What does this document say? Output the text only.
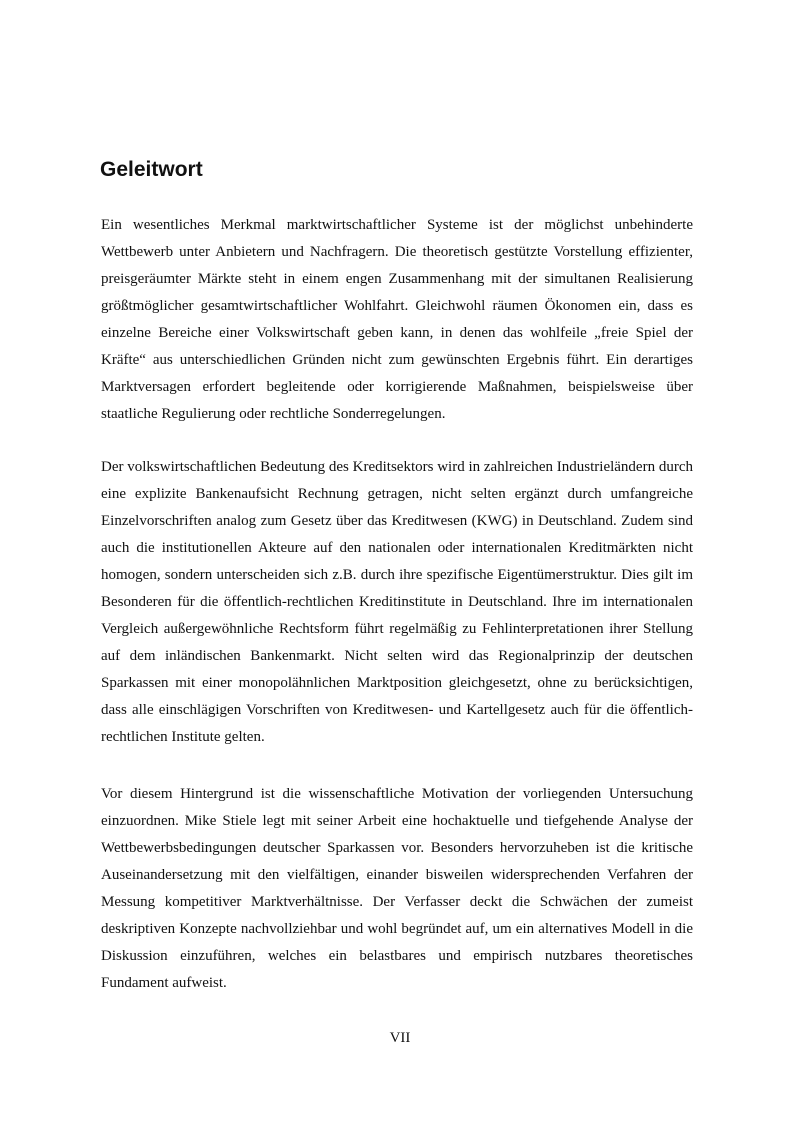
Geleitwort

Ein wesentliches Merkmal marktwirtschaftlicher Systeme ist der möglichst unbehinderte Wettbewerb unter Anbietern und Nachfragern. Die theoretisch gestützte Vorstellung effizienter, preisgeräumter Märkte steht in einem engen Zusammenhang mit der simultanen Realisierung größtmöglicher gesamtwirtschaftlicher Wohlfahrt. Gleichwohl räumen Ökonomen ein, dass es einzelne Bereiche einer Volkswirtschaft geben kann, in denen das wohlfeile „freie Spiel der Kräfte“ aus unterschiedlichen Gründen nicht zum gewünschten Ergebnis führt. Ein derartiges Marktversagen erfordert begleitende oder korrigierende Maßnahmen, beispielsweise über staatliche Regulierung oder rechtliche Sonderregelungen.

Der volkswirtschaftlichen Bedeutung des Kreditsektors wird in zahlreichen Industrieländern durch eine explizite Bankenaufsicht Rechnung getragen, nicht selten ergänzt durch umfangreiche Einzelvorschriften analog zum Gesetz über das Kreditwesen (KWG) in Deutschland. Zudem sind auch die institutionellen Akteure auf den nationalen oder internationalen Kreditmärkten nicht homogen, sondern unterscheiden sich z.B. durch ihre spezifische Eigentümerstruktur. Dies gilt im Besonderen für die öffentlich-rechtlichen Kreditinstitute in Deutschland. Ihre im internationalen Vergleich außergewöhnliche Rechtsform führt regelmäßig zu Fehlinterpretationen ihrer Stellung auf dem inländischen Bankenmarkt. Nicht selten wird das Regionalprinzip der deutschen Sparkassen mit einer monopolähnlichen Marktposition gleichgesetzt, ohne zu berücksichtigen, dass alle einschlägigen Vorschriften von Kreditwesen- und Kartellgesetz auch für die öffentlich-rechtlichen Institute gelten.

Vor diesem Hintergrund ist die wissenschaftliche Motivation der vorliegenden Untersuchung einzuordnen. Mike Stiele legt mit seiner Arbeit eine hochaktuelle und tiefgehende Analyse der Wettbewerbsbedingungen deutscher Sparkassen vor. Besonders hervorzuheben ist die kritische Auseinandersetzung mit den vielfältigen, einander bisweilen widersprechenden Verfahren der Messung kompetitiver Marktverhältnisse. Der Verfasser deckt die Schwächen der zumeist deskriptiven Konzepte nachvollziehbar und wohl begründet auf, um ein alternatives Modell in die Diskussion einzuführen, welches ein belastbares und empirisch nutzbares theoretisches Fundament aufweist.

VII
